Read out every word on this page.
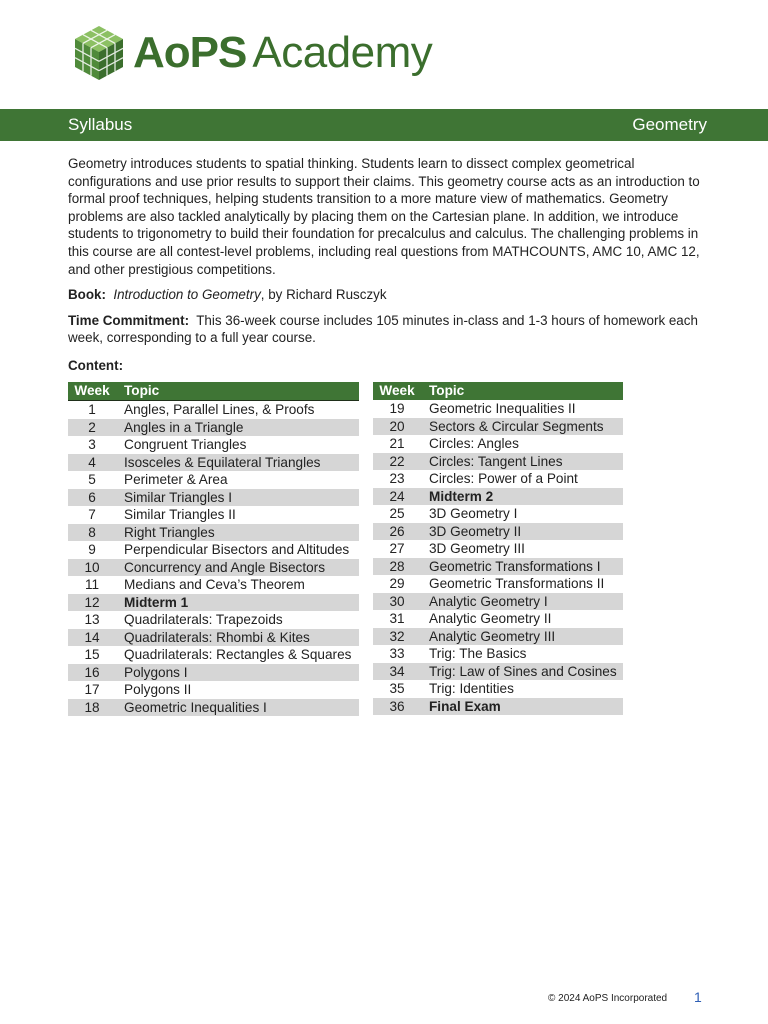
AoPS Academy
Syllabus	Geometry

Geometry introduces students to spatial thinking. Students learn to dissect complex geometrical configurations and use prior results to support their claims. This geometry course acts as an introduction to formal proof techniques, helping students transition to a more mature view of mathematics. Geometry problems are also tackled analytically by placing them on the Cartesian plane. In addition, we introduce students to trigonometry to build their foundation for precalculus and calculus. The challenging problems in this course are all contest-level problems, including real questions from MATHCOUNTS, AMC 10, AMC 12, and other prestigious competitions.

Book: Introduction to Geometry, by Richard Rusczyk

Time Commitment: This 36-week course includes 105 minutes in-class and 1-3 hours of homework each week, corresponding to a full year course.

Content:

Week	Topic
1	Angles, Parallel Lines, & Proofs
2	Angles in a Triangle
3	Congruent Triangles
4	Isosceles & Equilateral Triangles
5	Perimeter & Area
6	Similar Triangles I
7	Similar Triangles II
8	Right Triangles
9	Perpendicular Bisectors and Altitudes
10	Concurrency and Angle Bisectors
11	Medians and Ceva’s Theorem
12	Midterm 1
13	Quadrilaterals: Trapezoids
14	Quadrilaterals: Rhombi & Kites
15	Quadrilaterals: Rectangles & Squares
16	Polygons I
17	Polygons II
18	Geometric Inequalities I
Week	Topic
19	Geometric Inequalities II
20	Sectors & Circular Segments
21	Circles: Angles
22	Circles: Tangent Lines
23	Circles: Power of a Point
24	Midterm 2
25	3D Geometry I
26	3D Geometry II
27	3D Geometry III
28	Geometric Transformations I
29	Geometric Transformations II
30	Analytic Geometry I
31	Analytic Geometry II
32	Analytic Geometry III
33	Trig: The Basics
34	Trig: Law of Sines and Cosines
35	Trig: Identities
36	Final Exam
© 2024 AoPS Incorporated 1
